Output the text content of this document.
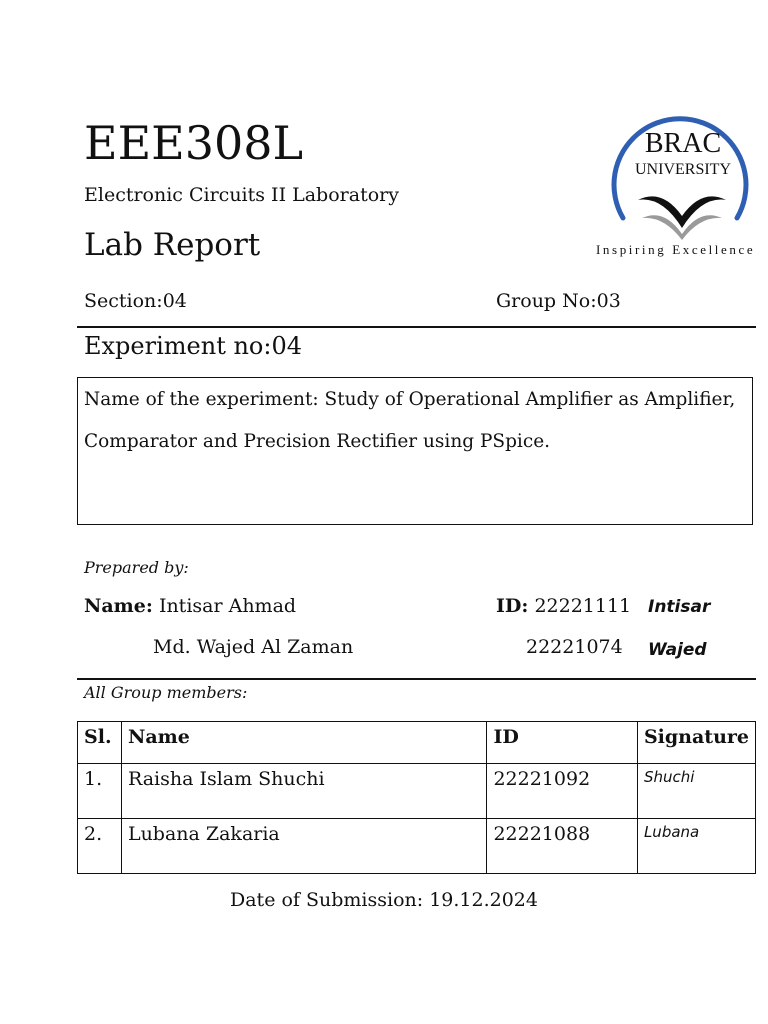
EEE308L
Electronic Circuits II Laboratory
Lab Report
Section:04	Group No:03
BRAC
UNIVERSITY
Inspiring Excellence
Experiment no:04

Name of the experiment: Study of Operational Amplifier as Amplifier,
Comparator and Precision Rectifier using PSpice.

Prepared by:
Name: Intisar Ahmad	ID: 22221111 Intisar
Md. Wajed Al Zaman	22221074 Wajed
All Group members:
Sl.	Name	ID	Signature
1.	Raisha Islam Shuchi	22221092	Shuchi
2.	Lubana Zakaria	22221088	Lubana
Date of Submission: 19.12.2024
